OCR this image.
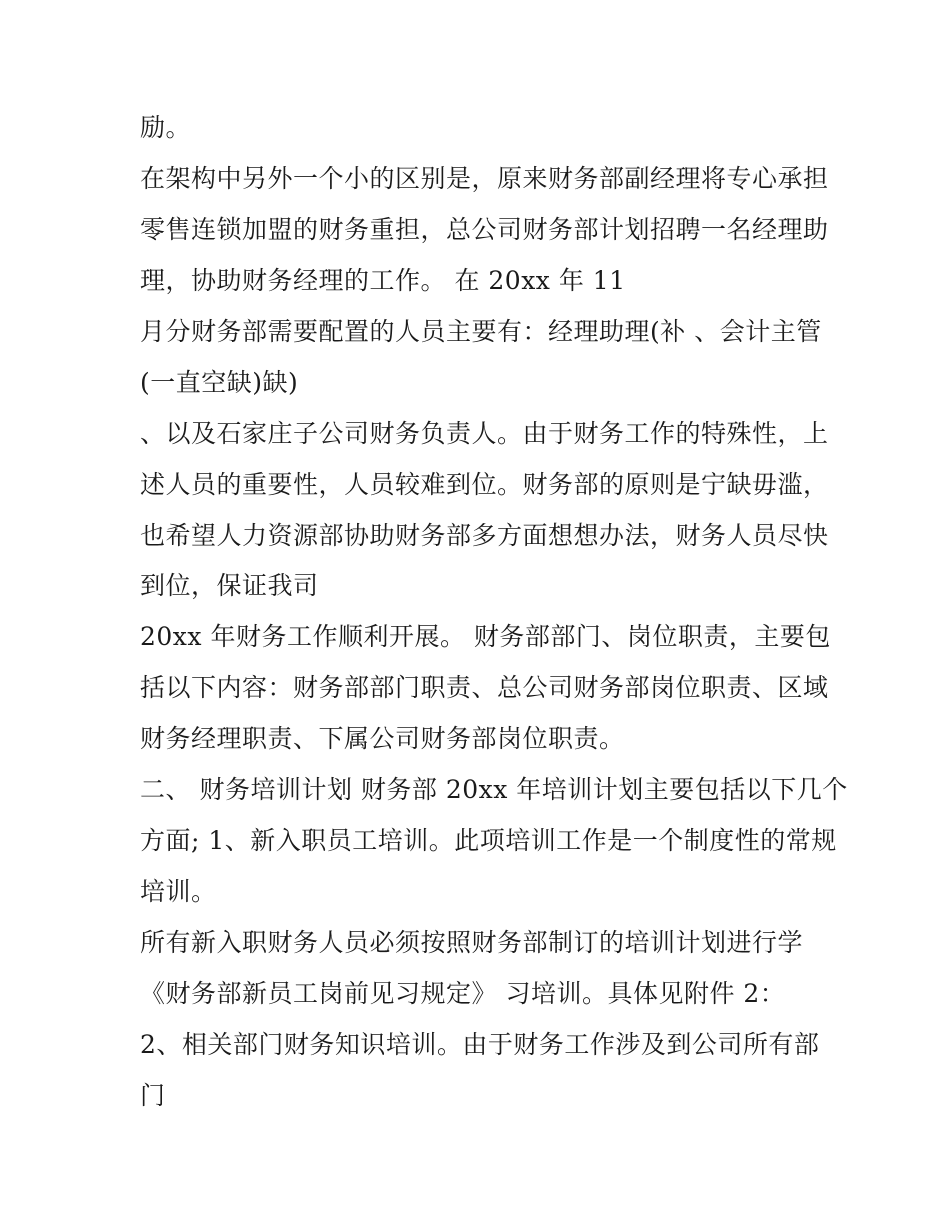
励。
在架构中另外一个小的区别是，原来财务部副经理将专心承担
零售连锁加盟的财务重担，总公司财务部计划招聘一名经理助
理，协助财务经理的工作。 在 20xx 年 11
月分财务部需要配置的人员主要有：经理助理(补 、会计主管
(一直空缺)缺)
、以及石家庄子公司财务负责人。由于财务工作的特殊性，上
述人员的重要性，人员较难到位。财务部的原则是宁缺毋滥，
也希望人力资源部协助财务部多方面想想办法，财务人员尽快
到位，保证我司
20xx 年财务工作顺利开展。 财务部部门、岗位职责，主要包
括以下内容：财务部部门职责、总公司财务部岗位职责、区域
财务经理职责、下属公司财务部岗位职责。
二、 财务培训计划 财务部 20xx 年培训计划主要包括以下几个
方面; 1、新入职员工培训。此项培训工作是一个制度性的常规
培训。
所有新入职财务人员必须按照财务部制订的培训计划进行学
《财务部新员工岗前见习规定》 习培训。具体见附件 2：
2、相关部门财务知识培训。由于财务工作涉及到公司所有部
门
